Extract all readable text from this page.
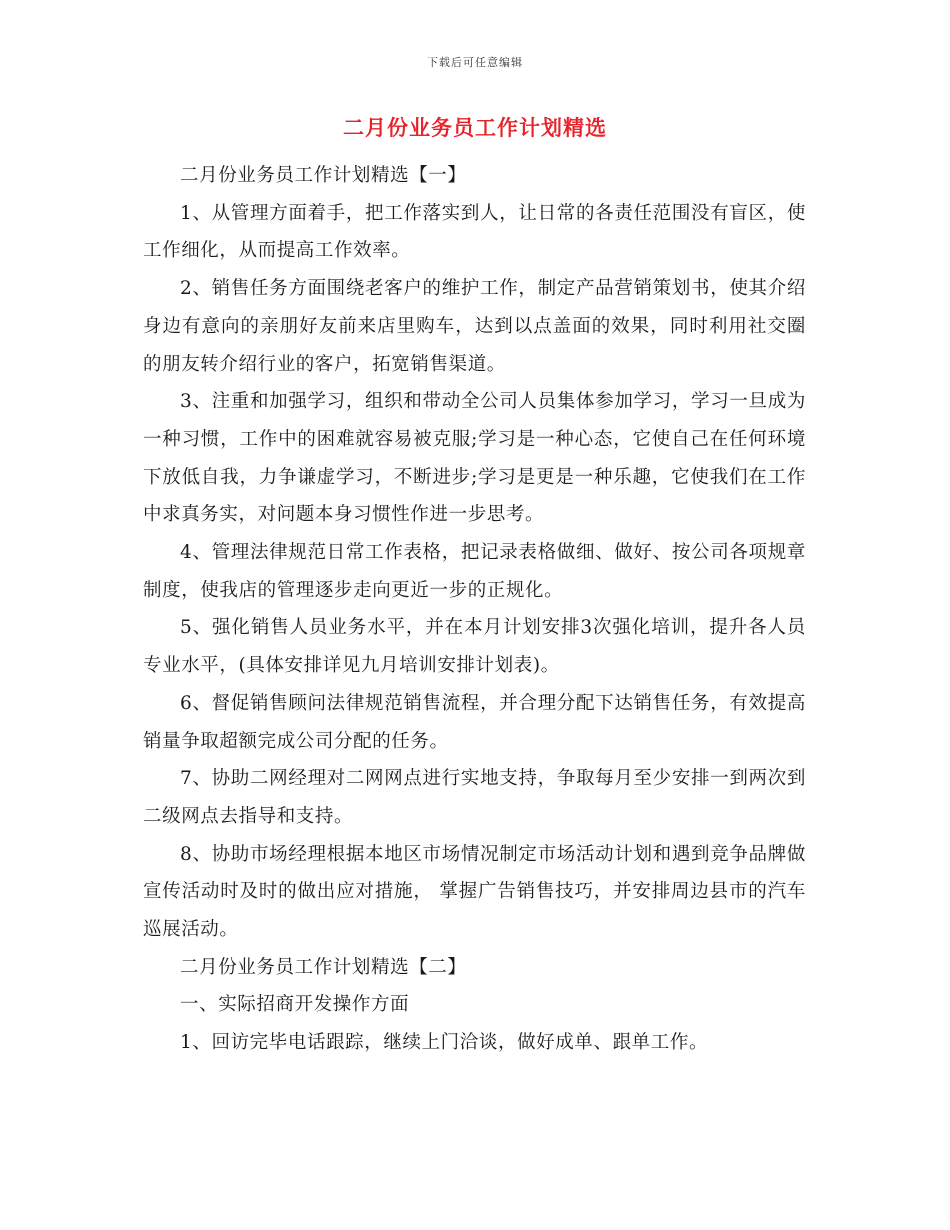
下载后可任意编辑
二月份业务员工作计划精选

二月份业务员工作计划精选【一】

1、从管理方面着手，把工作落实到人，让日常的各责任范围没有盲区，使工作细化，从而提高工作效率。

2、销售任务方面围绕老客户的维护工作，制定产品营销策划书，使其介绍身边有意向的亲朋好友前来店里购车，达到以点盖面的效果，同时利用社交圈的朋友转介绍行业的客户，拓宽销售渠道。

3、注重和加强学习，组织和带动全公司人员集体参加学习，学习一旦成为一种习惯，工作中的困难就容易被克服;学习是一种心态，它使自己在任何环境下放低自我，力争谦虚学习，不断进步;学习是更是一种乐趣，它使我们在工作中求真务实，对问题本身习惯性作进一步思考。

4、管理法律规范日常工作表格，把记录表格做细、做好、按公司各项规章制度，使我店的管理逐步走向更近一步的正规化。

5、强化销售人员业务水平，并在本月计划安排3次强化培训，提升各人员专业水平，(具体安排详见九月培训安排计划表)。

6、督促销售顾问法律规范销售流程，并合理分配下达销售任务，有效提高销量争取超额完成公司分配的任务。

7、协助二网经理对二网网点进行实地支持，争取每月至少安排一到两次到二级网点去指导和支持。

8、协助市场经理根据本地区市场情况制定市场活动计划和遇到竞争品牌做宣传活动时及时的做出应对措施， 掌握广告销售技巧，并安排周边县市的汽车巡展活动。

二月份业务员工作计划精选【二】

一、实际招商开发操作方面

1、回访完毕电话跟踪，继续上门洽谈，做好成单、跟单工作。
